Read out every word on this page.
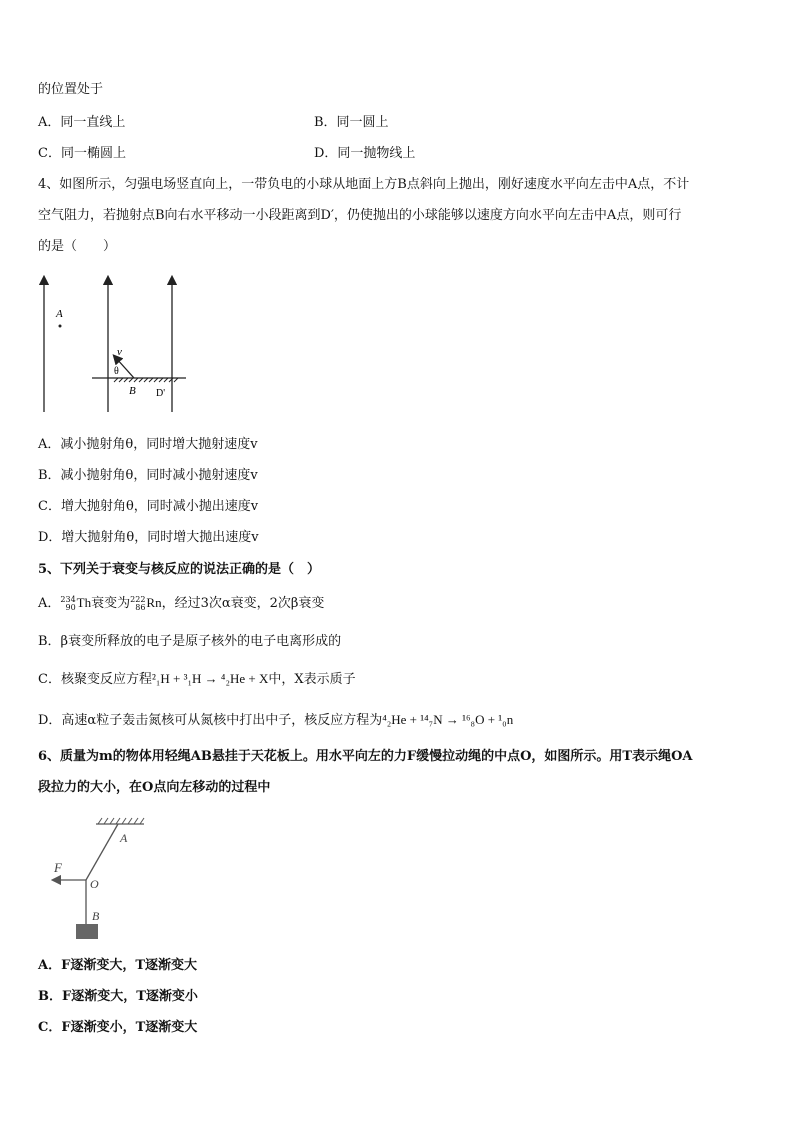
的位置处于
A．同一直线上	B．同一圆上
C．同一椭圆上	D．同一抛物线上
4、如图所示，匀强电场竖直向上，一带负电的小球从地面上方B点斜向上抛出，刚好速度水平向左击中A点，不计
空气阻力，若抛射点B向右水平移动一小段距离到D′，仍使抛出的小球能够以速度方向水平向左击中A点，则可行
的是（　　）
A
v
θ
B D'
A．减小抛射角θ，同时增大抛射速度v
B．减小抛射角θ，同时减小抛射速度v
C．增大抛射角θ，同时减小抛出速度v
D．增大抛射角θ，同时增大抛出速度v
5、下列关于衰变与核反应的说法正确的是（　）
A． 234
90 Th衰变为 222
86 Rn，经过3次α衰变，2次β衰变
B．β衰变所释放的电子是原子核外的电子电离形成的
C．核聚变反应方程²₁H + ³₁H → ⁴₂He + X中，X表示质子
D．高速α粒子轰击氮核可从氮核中打出中子，核反应方程为⁴₂He + ¹⁴₇N → ¹⁶₈O + ¹₀n
6、质量为m的物体用轻绳AB悬挂于天花板上。用水平向左的力F缓慢拉动绳的中点O，如图所示。用T表示绳OA
段拉力的大小，在O点向左移动的过程中
A
F
O
B
A．F逐渐变大，T逐渐变大
B．F逐渐变大，T逐渐变小
C．F逐渐变小，T逐渐变大
